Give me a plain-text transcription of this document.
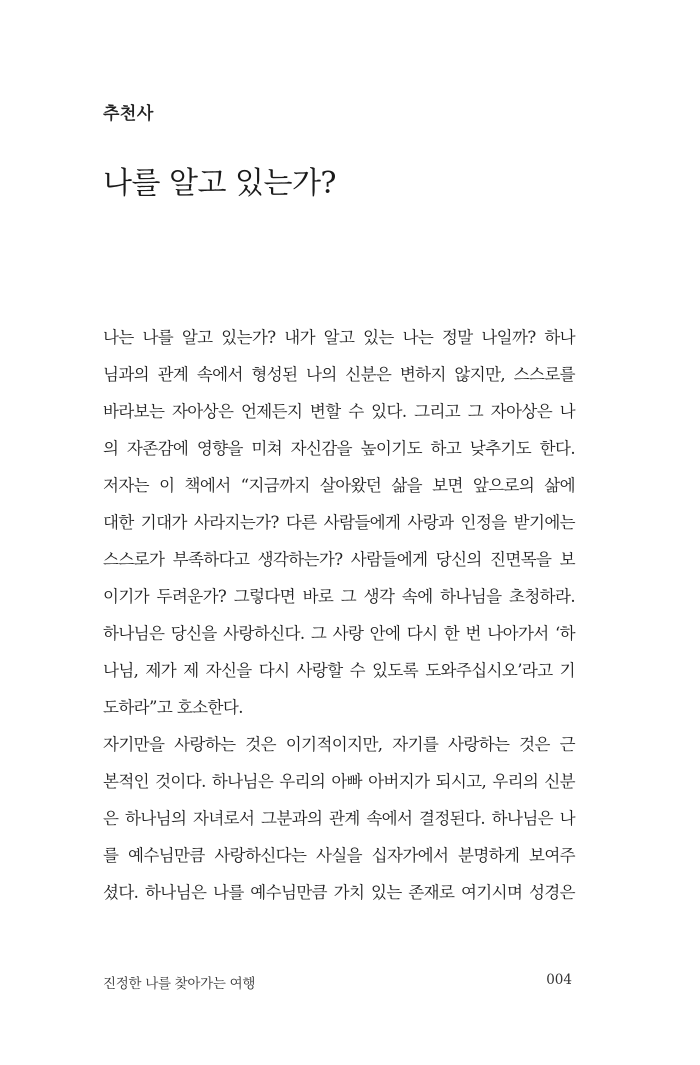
추천사
나를 알고 있는가?
나는 나를 알고 있는가? 내가 알고 있는 나는 정말 나일까? 하나
님과의 관계 속에서 형성된 나의 신분은 변하지 않지만, 스스로를
바라보는 자아상은 언제든지 변할 수 있다. 그리고 그 자아상은 나
의 자존감에 영향을 미쳐 자신감을 높이기도 하고 낮추기도 한다.
저자는 이 책에서 “지금까지 살아왔던 삶을 보면 앞으로의 삶에
대한 기대가 사라지는가? 다른 사람들에게 사랑과 인정을 받기에는
스스로가 부족하다고 생각하는가? 사람들에게 당신의 진면목을 보
이기가 두려운가? 그렇다면 바로 그 생각 속에 하나님을 초청하라.
하나님은 당신을 사랑하신다. 그 사랑 안에 다시 한 번 나아가서 ‘하
나님, 제가 제 자신을 다시 사랑할 수 있도록 도와주십시오’라고 기
도하라”고 호소한다.
자기만을 사랑하는 것은 이기적이지만, 자기를 사랑하는 것은 근
본적인 것이다. 하나님은 우리의 아빠 아버지가 되시고, 우리의 신분
은 하나님의 자녀로서 그분과의 관계 속에서 결정된다. 하나님은 나
를 예수님만큼 사랑하신다는 사실을 십자가에서 분명하게 보여주
셨다. 하나님은 나를 예수님만큼 가치 있는 존재로 여기시며 성경은
진정한 나를 찾아가는 여행	004
